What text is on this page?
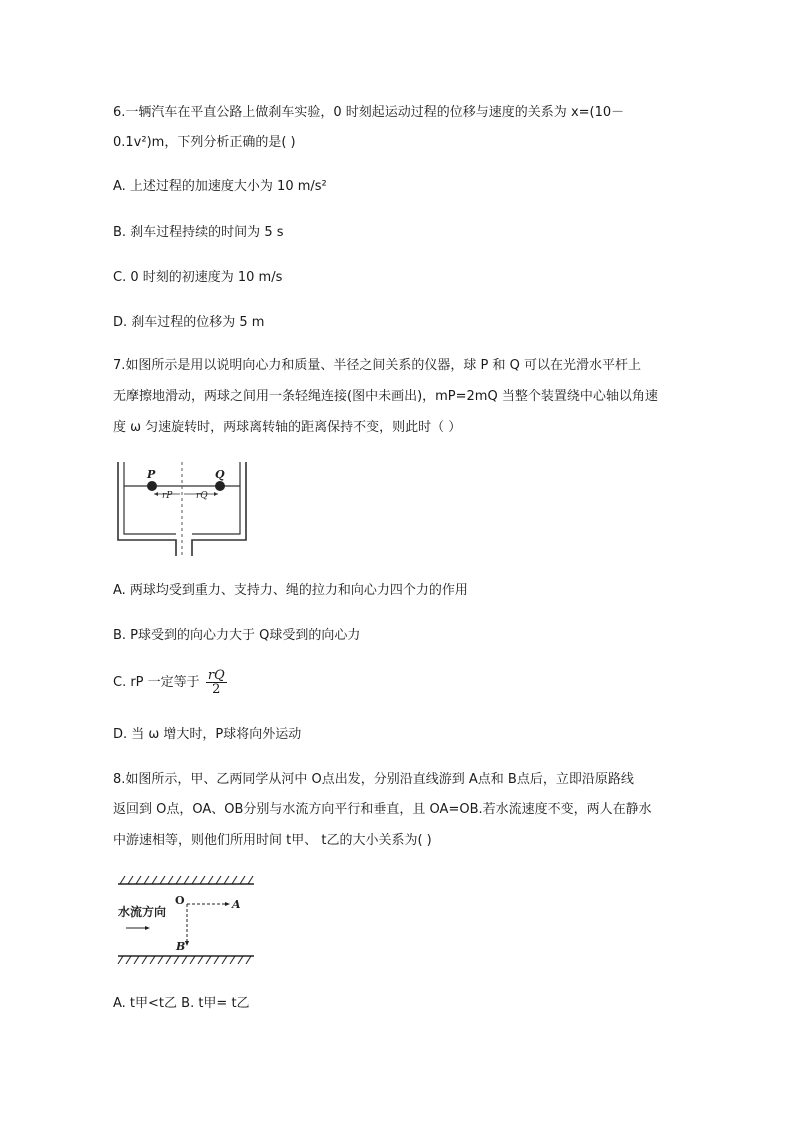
6.一辆汽车在平直公路上做刹车实验，0 时刻起运动过程的位移与速度的关系为 x=(10－
0.1v²)m，下列分析正确的是( )
A. 上述过程的加速度大小为 10 m/s²
B. 刹车过程持续的时间为 5 s
C. 0 时刻的初速度为 10 m/s
D. 刹车过程的位移为 5 m
7.如图所示是用以说明向心力和质量、半径之间关系的仪器，球 P 和 Q 可以在光滑水平杆上
无摩擦地滑动，两球之间用一条轻绳连接(图中未画出)，mP=2mQ 当整个装置绕中心轴以角速
度 ω 匀速旋转时，两球离转轴的距离保持不变，则此时（ ）
P	Q
rP	rQ
A. 两球均受到重力、支持力、绳的拉力和向心力四个力的作用
B. P球受到的向心力大于 Q球受到的向心力
C. rP 一定等于 $\frac{rQ}{2}$
D. 当 ω 增大时，P球将向外运动
8.如图所示，甲、乙两同学从河中 O点出发，分别沿直线游到 A点和 B点后，立即沿原路线
返回到 O点，OA、OB分别与水流方向平行和垂直，且 OA=OB.若水流速度不变，两人在静水
中游速相等，则他们所用时间 t甲、 t乙的大小关系为( )
水流方向
O	A
B
A. t甲<t乙 B. t甲= t乙
